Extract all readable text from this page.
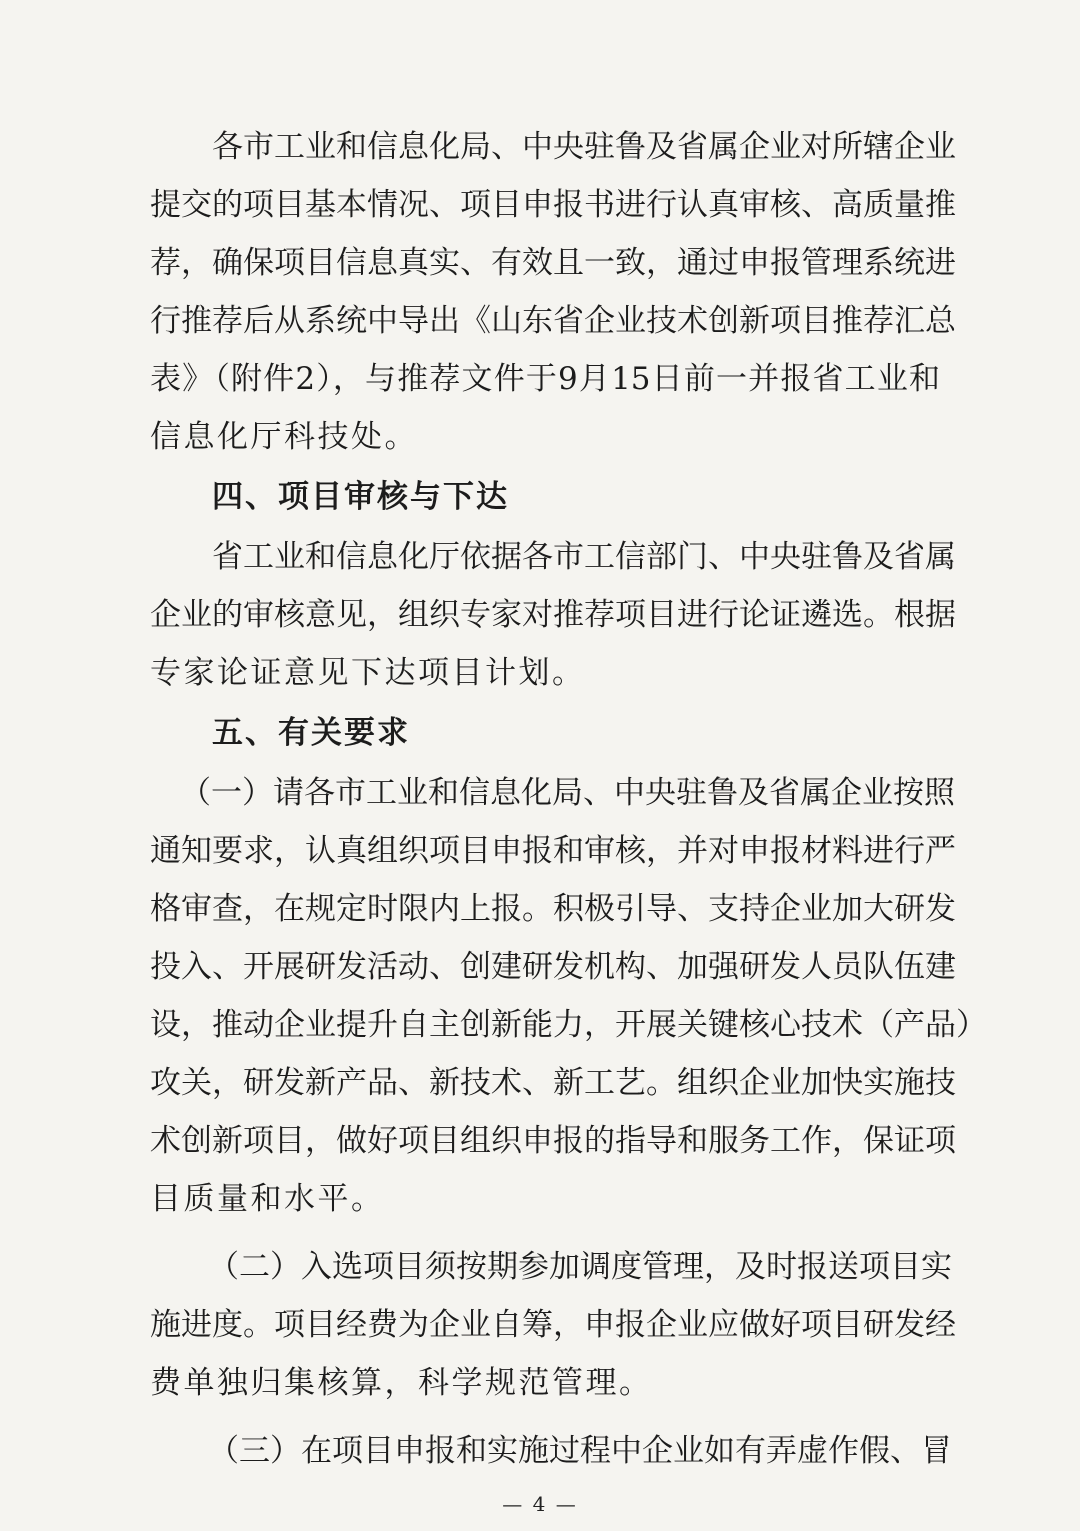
各市工业和信息化局、中央驻鲁及省属企业对所辖企业
提交的项目基本情况、项目申报书进行认真审核、高质量推
荐，确保项目信息真实、有效且一致，通过申报管理系统进
行推荐后从系统中导出《山东省企业技术创新项目推荐汇总
表》（附件2），与推荐文件于9月15日前一并报省工业和
信息化厅科技处。
四、项目审核与下达
省工业和信息化厅依据各市工信部门、中央驻鲁及省属
企业的审核意见，组织专家对推荐项目进行论证遴选。根据
专家论证意见下达项目计划。
五、有关要求
（一）请各市工业和信息化局、中央驻鲁及省属企业按照
通知要求，认真组织项目申报和审核，并对申报材料进行严
格审查，在规定时限内上报。积极引导、支持企业加大研发
投入、开展研发活动、创建研发机构、加强研发人员队伍建
设，推动企业提升自主创新能力，开展关键核心技术（产品）
攻关，研发新产品、新技术、新工艺。组织企业加快实施技
术创新项目，做好项目组织申报的指导和服务工作，保证项
目质量和水平。
（二）入选项目须按期参加调度管理，及时报送项目实
施进度。项目经费为企业自筹，申报企业应做好项目研发经
费单独归集核算，科学规范管理。
（三）在项目申报和实施过程中企业如有弄虚作假、冒
— 4 —
